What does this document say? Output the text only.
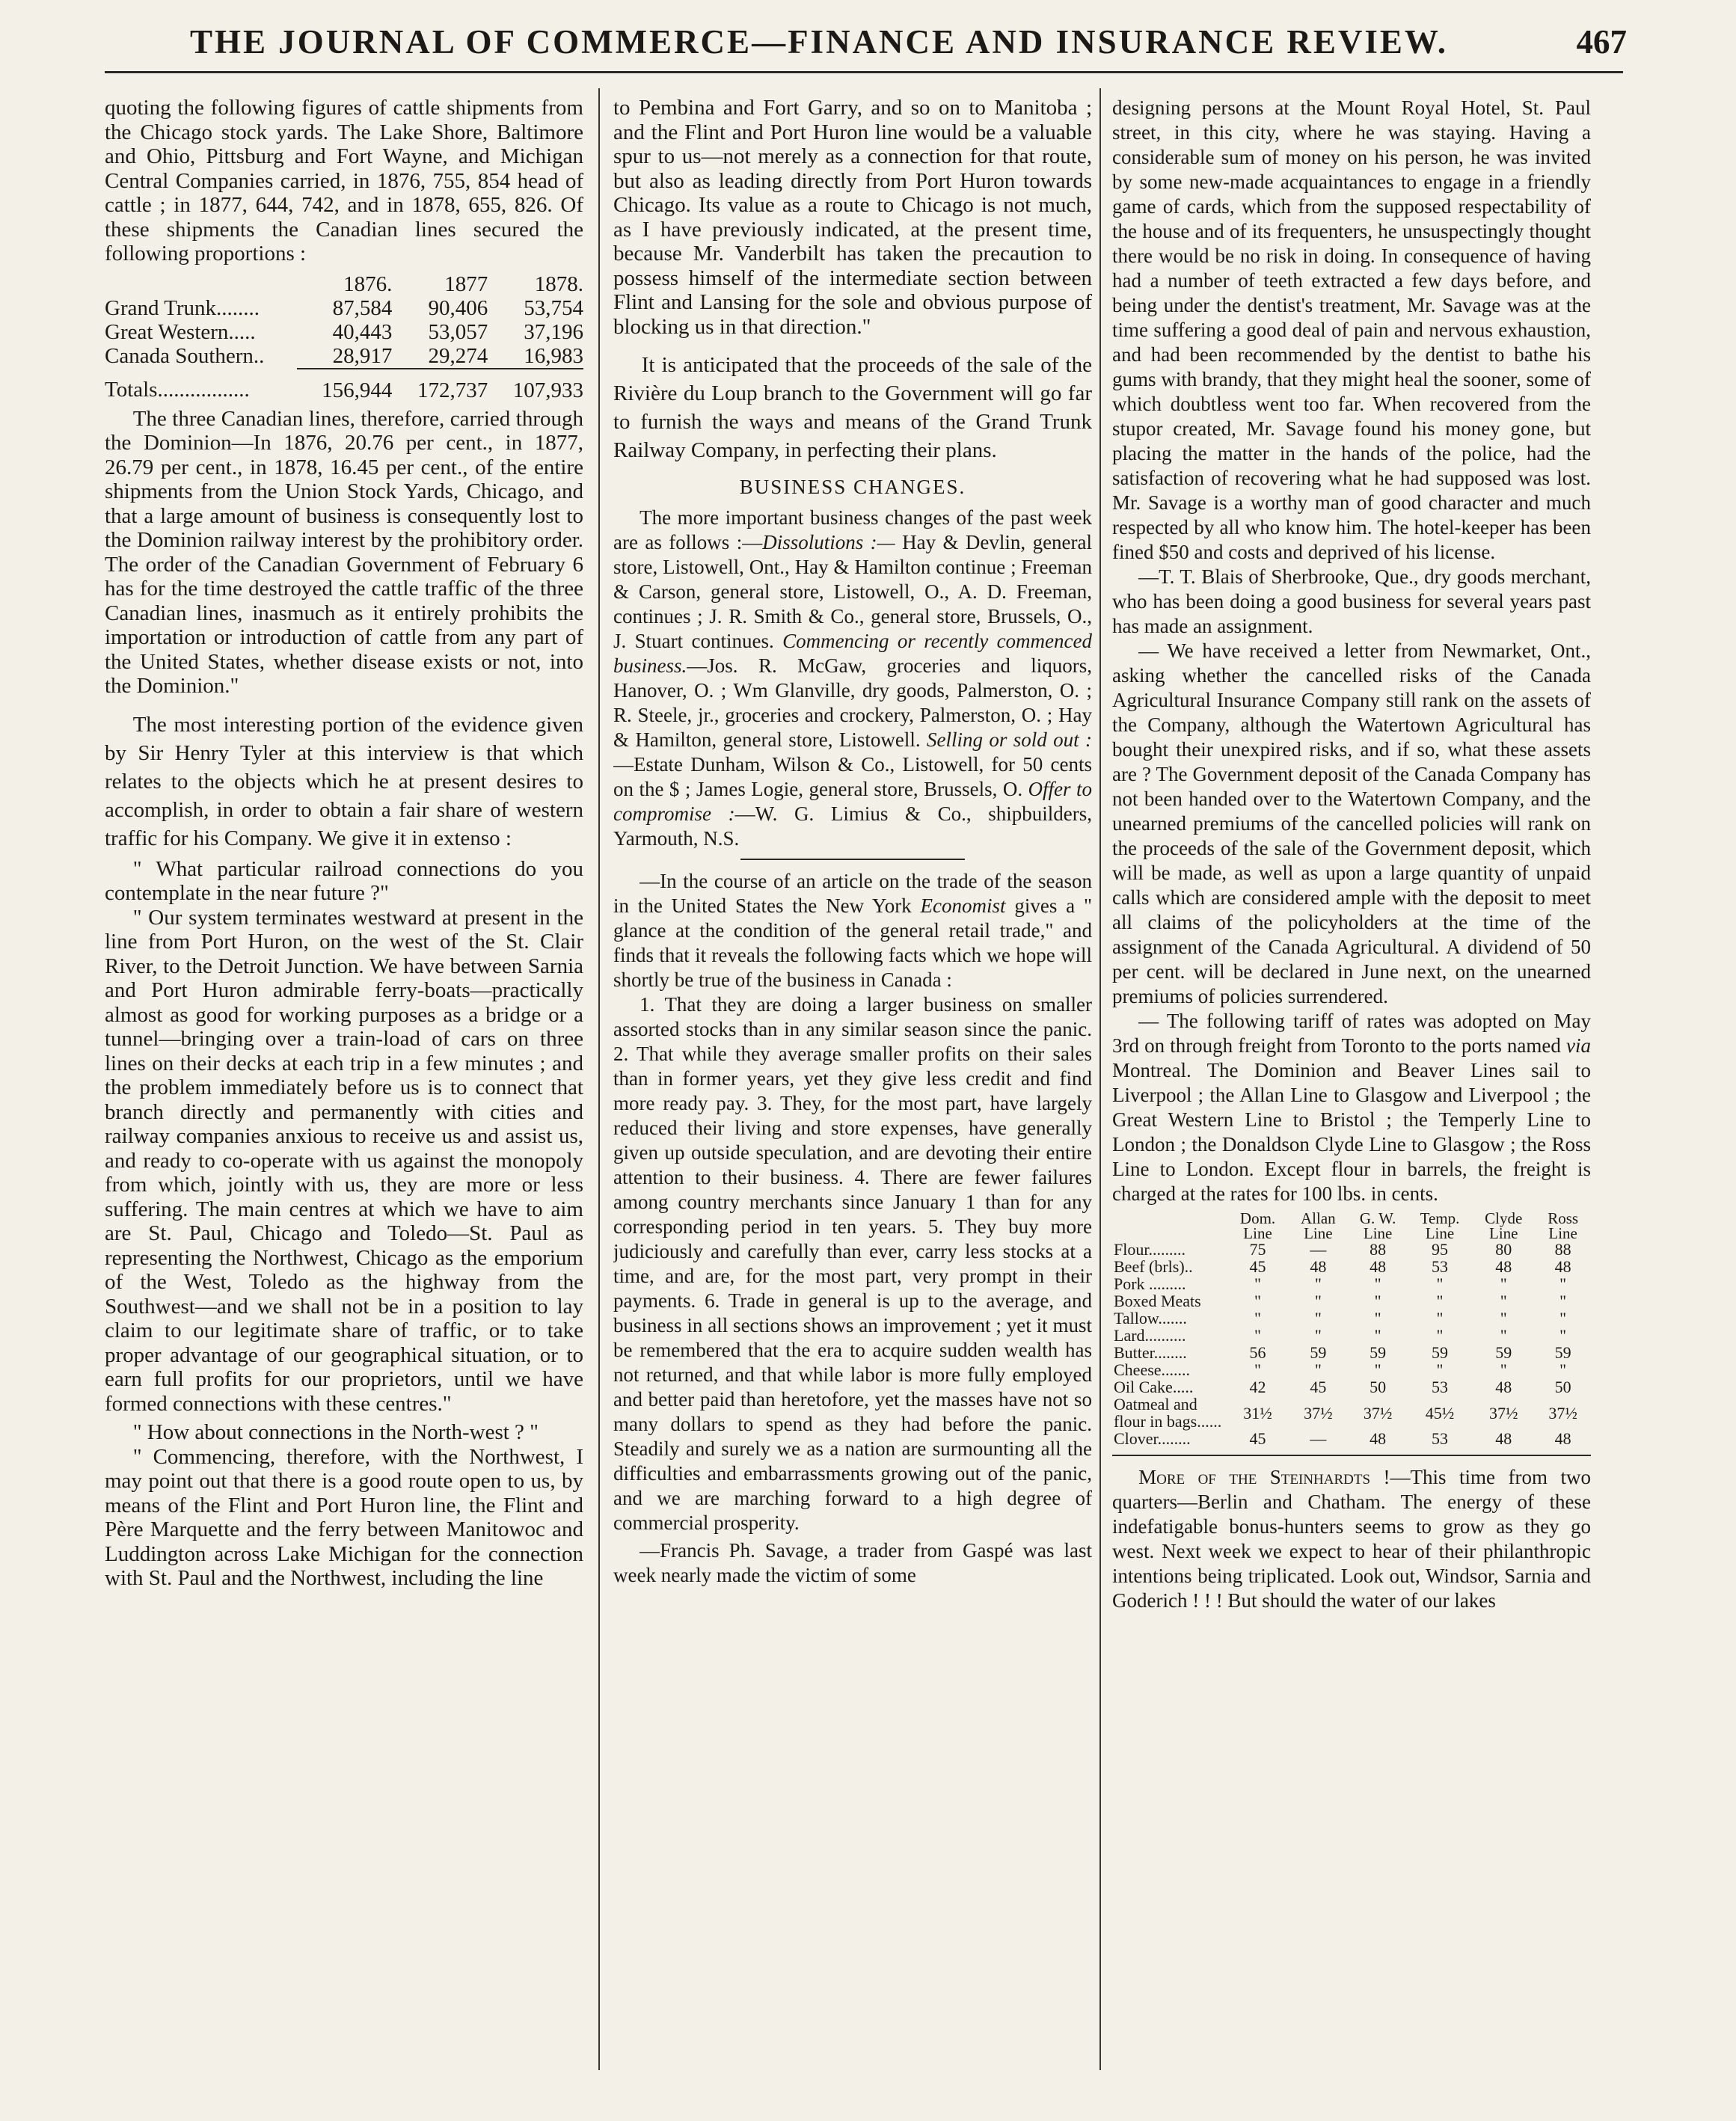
THE JOURNAL OF COMMERCE—FINANCE AND INSURANCE REVIEW.	467

quoting the following figures of cattle shipments from the Chicago stock yards. The Lake Shore, Baltimore and Ohio, Pittsburg and Fort Wayne, and Michigan Central Companies carried, in 1876, 755, 854 head of cattle ; in 1877, 644, 742, and in 1878, 655, 826. Of these shipments the Canadian lines secured the following proportions :

	1876.	1877	1878.
Grand Trunk........	87,584	90,406	53,754
Great Western.....	40,443	53,057	37,196
Canada Southern..	28,917	29,274	16,983
Totals.................	156,944	172,737	107,933

The three Canadian lines, therefore, carried through the Dominion—In 1876, 20.76 per cent., in 1877, 26.79 per cent., in 1878, 16.45 per cent., of the entire shipments from the Union Stock Yards, Chicago, and that a large amount of business is consequently lost to the Dominion railway interest by the prohibitory order. The order of the Canadian Government of February 6 has for the time destroyed the cattle traffic of the three Canadian lines, inasmuch as it entirely prohibits the importation or introduction of cattle from any part of the United States, whether disease exists or not, into the Dominion."

The most interesting portion of the evidence given by Sir Henry Tyler at this interview is that which relates to the objects which he at present desires to accomplish, in order to obtain a fair share of western traffic for his Company. We give it in extenso :

" What particular railroad connections do you contemplate in the near future ?"

" Our system terminates westward at present in the line from Port Huron, on the west of the St. Clair River, to the Detroit Junction. We have between Sarnia and Port Huron admirable ferry-boats—practically almost as good for working purposes as a bridge or a tunnel—bringing over a train-load of cars on three lines on their decks at each trip in a few minutes ; and the problem immediately before us is to connect that branch directly and permanently with cities and railway companies anxious to receive us and assist us, and ready to co-operate with us against the monopoly from which, jointly with us, they are more or less suffering. The main centres at which we have to aim are St. Paul, Chicago and Toledo—St. Paul as representing the Northwest, Chicago as the emporium of the West, Toledo as the highway from the Southwest—and we shall not be in a position to lay claim to our legitimate share of traffic, or to take proper advantage of our geographical situation, or to earn full profits for our proprietors, until we have formed connections with these centres."

" How about connections in the North-west ? "

" Commencing, therefore, with the Northwest, I may point out that there is a good route open to us, by means of the Flint and Port Huron line, the Flint and Père Marquette and the ferry between Manitowoc and Luddington across Lake Michigan for the connection with St. Paul and the Northwest, including the line

to Pembina and Fort Garry, and so on to Manitoba ; and the Flint and Port Huron line would be a valuable spur to us—not merely as a connection for that route, but also as leading directly from Port Huron towards Chicago. Its value as a route to Chicago is not much, as I have previously indicated, at the present time, because Mr. Vanderbilt has taken the precaution to possess himself of the intermediate section between Flint and Lansing for the sole and obvious purpose of blocking us in that direction."

It is anticipated that the proceeds of the sale of the Rivière du Loup branch to the Government will go far to furnish the ways and means of the Grand Trunk Railway Company, in perfecting their plans.

BUSINESS CHANGES.

The more important business changes of the past week are as follows :—Dissolutions :— Hay & Devlin, general store, Listowell, Ont., Hay & Hamilton continue ; Freeman & Carson, general store, Listowell, O., A. D. Freeman, continues ; J. R. Smith & Co., general store, Brussels, O., J. Stuart continues. Commencing or recently commenced business.—Jos. R. McGaw, groceries and liquors, Hanover, O. ; Wm Glanville, dry goods, Palmerston, O. ; R. Steele, jr., groceries and crockery, Palmerston, O. ; Hay & Hamilton, general store, Listowell. Selling or sold out :—Estate Dunham, Wilson & Co., Listowell, for 50 cents on the $ ; James Logie, general store, Brussels, O. Offer to compromise :—W. G. Limius & Co., shipbuilders, Yarmouth, N.S.

—In the course of an article on the trade of the season in the United States the New York Economist gives a " glance at the condition of the general retail trade," and finds that it reveals the following facts which we hope will shortly be true of the business in Canada :

1. That they are doing a larger business on smaller assorted stocks than in any similar season since the panic. 2. That while they average smaller profits on their sales than in former years, yet they give less credit and find more ready pay. 3. They, for the most part, have largely reduced their living and store expenses, have generally given up outside speculation, and are devoting their entire attention to their business. 4. There are fewer failures among country merchants since January 1 than for any corresponding period in ten years. 5. They buy more judiciously and carefully than ever, carry less stocks at a time, and are, for the most part, very prompt in their payments. 6. Trade in general is up to the average, and business in all sections shows an improvement ; yet it must be remembered that the era to acquire sudden wealth has not returned, and that while labor is more fully employed and better paid than heretofore, yet the masses have not so many dollars to spend as they had before the panic. Steadily and surely we as a nation are surmounting all the difficulties and embarrassments growing out of the panic, and we are marching forward to a high degree of commercial prosperity.

—Francis Ph. Savage, a trader from Gaspé was last week nearly made the victim of some

designing persons at the Mount Royal Hotel, St. Paul street, in this city, where he was staying. Having a considerable sum of money on his person, he was invited by some new-made acquaintances to engage in a friendly game of cards, which from the supposed respectability of the house and of its frequenters, he unsuspectingly thought there would be no risk in doing. In consequence of having had a number of teeth extracted a few days before, and being under the dentist's treatment, Mr. Savage was at the time suffering a good deal of pain and nervous exhaustion, and had been recommended by the dentist to bathe his gums with brandy, that they might heal the sooner, some of which doubtless went too far. When recovered from the stupor created, Mr. Savage found his money gone, but placing the matter in the hands of the police, had the satisfaction of recovering what he had supposed was lost. Mr. Savage is a worthy man of good character and much respected by all who know him. The hotel-keeper has been fined $50 and costs and deprived of his license.

—T. T. Blais of Sherbrooke, Que., dry goods merchant, who has been doing a good business for several years past has made an assignment.

— We have received a letter from Newmarket, Ont., asking whether the cancelled risks of the Canada Agricultural Insurance Company still rank on the assets of the Company, although the Watertown Agricultural has bought their unexpired risks, and if so, what these assets are ? The Government deposit of the Canada Company has not been handed over to the Watertown Company, and the unearned premiums of the cancelled policies will rank on the proceeds of the sale of the Government deposit, which will be made, as well as upon a large quantity of unpaid calls which are considered ample with the deposit to meet all claims of the policyholders at the time of the assignment of the Canada Agricultural. A dividend of 50 per cent. will be declared in June next, on the unearned premiums of policies surrendered.

— The following tariff of rates was adopted on May 3rd on through freight from Toronto to the ports named via Montreal. The Dominion and Beaver Lines sail to Liverpool ; the Allan Line to Glasgow and Liverpool ; the Great Western Line to Bristol ; the Temperly Line to London ; the Donaldson Clyde Line to Glasgow ; the Ross Line to London. Except flour in barrels, the freight is charged at the rates for 100 lbs. in cents.

	Dom. Line	Allan Line	G. W. Line	Temp. Line	Clyde Line	Ross Line
Flour.........	75	—	88	95	80	88
Beef (brls)..	45	48	48	53	48	48
Pork .........	"	"	"	"	"	"
Boxed Meats	"	"	"	"	"	"
Tallow.......	"	"	"	"	"	"
Lard..........	"	"	"	"	"	"
Butter........	56	59	59	59	59	59
Cheese.......	"	"	"	"	"	"
Oil Cake.....	42	45	50	53	48	50
Oatmeal and flour in bags......	31½	37½	37½	45½	37½	37½
Clover........	45	—	48	53	48	48

More of the Steinhardts !—This time from two quarters—Berlin and Chatham. The energy of these indefatigable bonus-hunters seems to grow as they go west. Next week we expect to hear of their philanthropic intentions being triplicated. Look out, Windsor, Sarnia and Goderich ! ! ! But should the water of our lakes
